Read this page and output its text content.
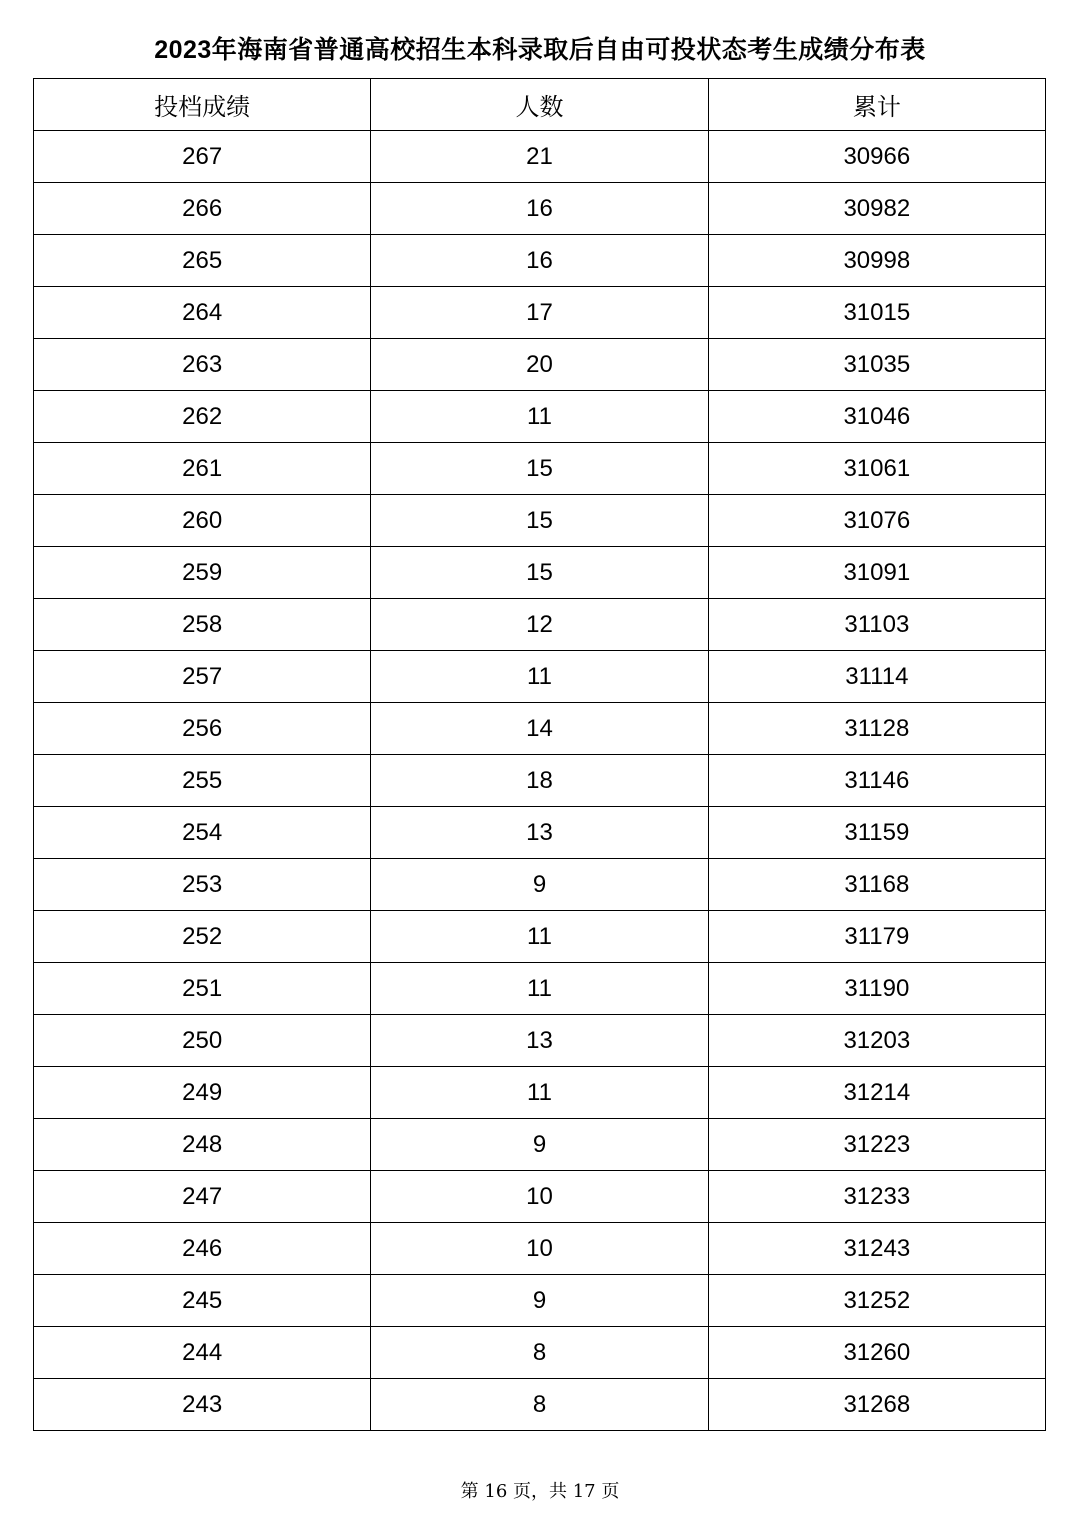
2023年海南省普通高校招生本科录取后自由可投状态考生成绩分布表
投档成绩	人数	累计
267	21	30966
266	16	30982
265	16	30998
264	17	31015
263	20	31035
262	11	31046
261	15	31061
260	15	31076
259	15	31091
258	12	31103
257	11	31114
256	14	31128
255	18	31146
254	13	31159
253	9	31168
252	11	31179
251	11	31190
250	13	31203
249	11	31214
248	9	31223
247	10	31233
246	10	31243
245	9	31252
244	8	31260
243	8	31268
第 16 页，共 17 页
